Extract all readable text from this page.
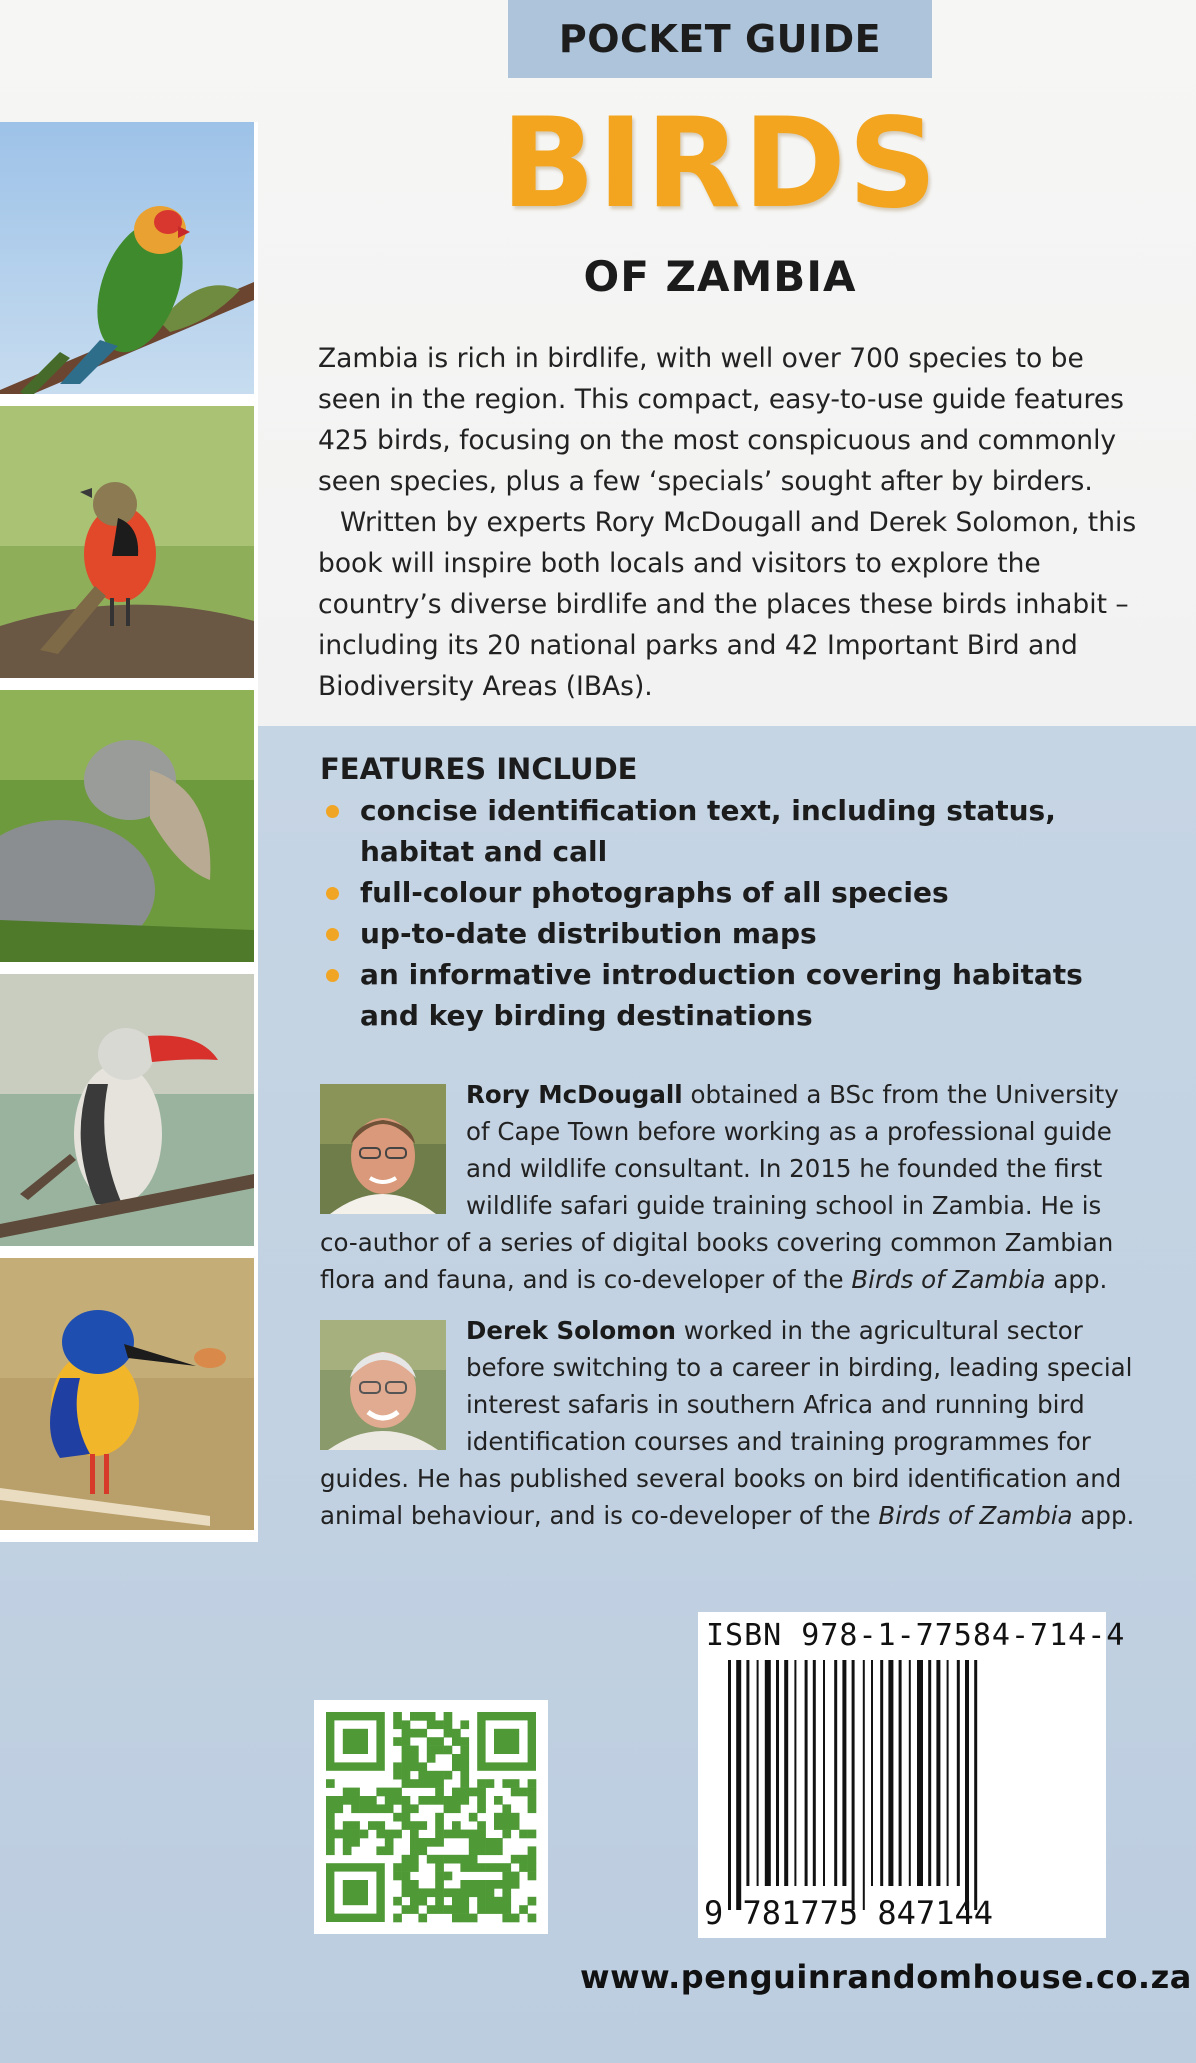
POCKET GUIDE
BIRDS
OF ZAMBIA

Zambia is rich in birdlife, with well over 700 species to be seen in the region. This compact, easy-to-use guide features 425 birds, focusing on the most conspicuous and commonly seen species, plus a few ‘specials’ sought after by birders.

Written by experts Rory McDougall and Derek Solomon, this book will inspire both locals and visitors to explore the country’s diverse birdlife and the places these birds inhabit – including its 20 national parks and 42 Important Bird and Biodiversity Areas (IBAs).

FEATURES INCLUDE
concise identification text, including status, habitat and call
full-colour photographs of all species
up-to-date distribution maps
an informative introduction covering habitats and key birding destinations
Rory McDougall obtained a BSc from the University of Cape Town before working as a professional guide and wildlife consultant. In 2015 he founded the first wildlife safari guide training school in Zambia. He is co-author of a series of digital books covering common Zambian flora and fauna, and is co-developer of the Birds of Zambia app.
Derek Solomon worked in the agricultural sector before switching to a career in birding, leading special interest safaris in southern Africa and running bird identification courses and training programmes for guides. He has published several books on bird identification and animal behaviour, and is co-developer of the Birds of Zambia app.
ISBN 978-1-77584-714-4
9 781775 847144
www.penguinrandomhouse.co.za
